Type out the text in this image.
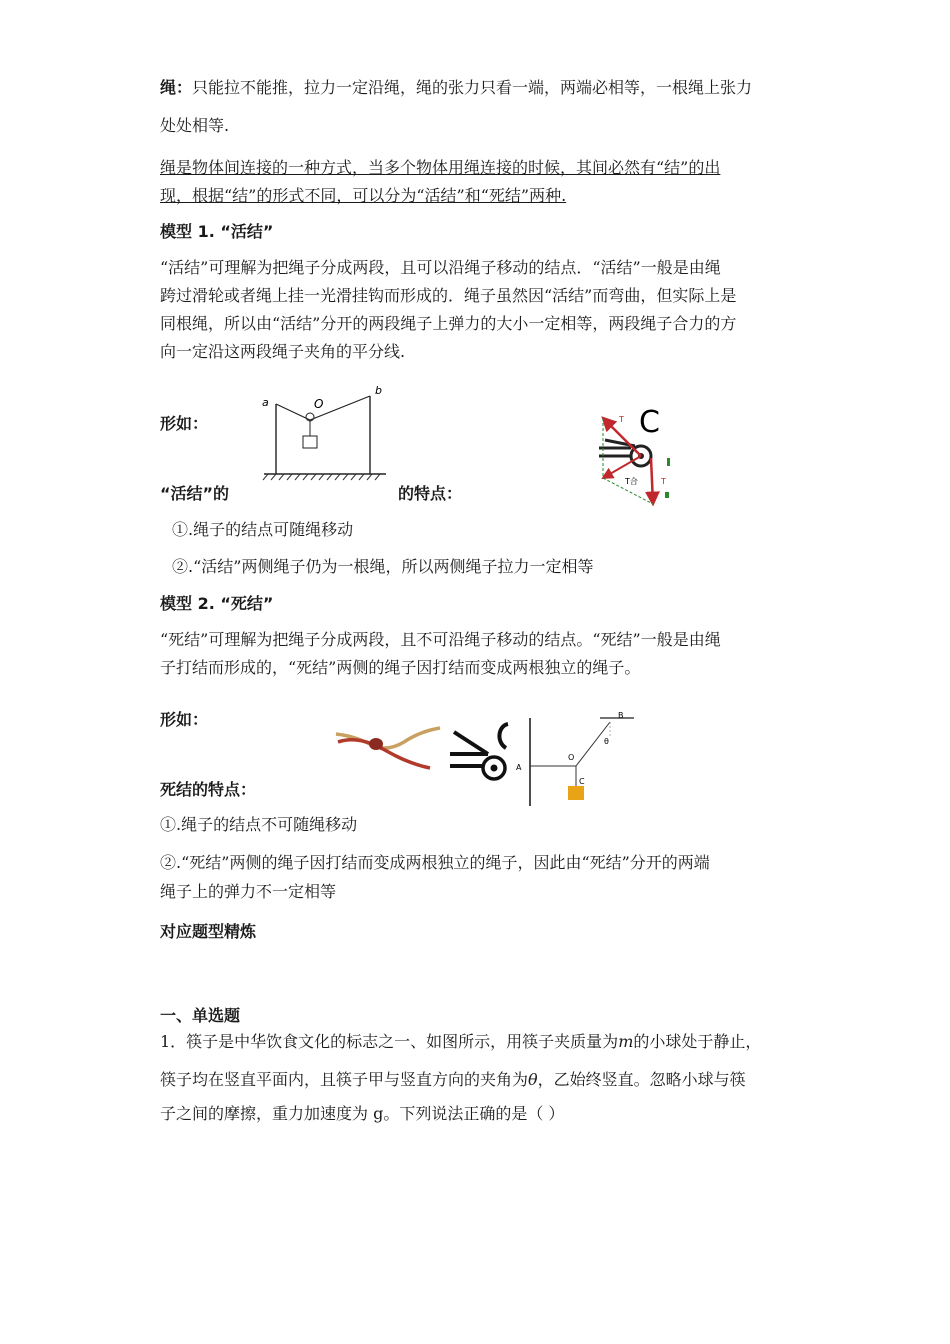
绳：只能拉不能推，拉力一定沿绳，绳的张力只看一端，两端必相等，一根绳上张力
处处相等.
绳是物体间连接的一种方式，当多个物体用绳连接的时候，其间必然有“结”的出
现，根据“结”的形式不同，可以分为“活结”和“死结”两种.
模型 1. “活结”
“活结”可理解为把绳子分成两段，且可以沿绳子移动的结点．“活结”一般是由绳
跨过滑轮或者绳上挂一光滑挂钩而形成的．绳子虽然因“活结”而弯曲，但实际上是
同根绳，所以由“活结”分开的两段绳子上弹力的大小一定相等，两段绳子合力的方
向一定沿这两段绳子夹角的平分线.
形如：
a
b
O
C
T
T
T合
“活结”的	的特点：
①.绳子的结点可随绳移动
②.“活结”两侧绳子仍为一根绳，所以两侧绳子拉力一定相等
模型 2. “死结”
“死结”可理解为把绳子分成两段，且不可沿绳子移动的结点。“死结”一般是由绳
子打结而形成的，“死结”两侧的绳子因打结而变成两根独立的绳子。
形如：
A
B
O
C
θ
死结的特点：
①.绳子的结点不可随绳移动
②.“死结”两侧的绳子因打结而变成两根独立的绳子，因此由“死结”分开的两端
绳子上的弹力不一定相等
对应题型精炼
一、单选题
1．筷子是中华饮食文化的标志之一、如图所示，用筷子夹质量为m的小球处于静止，
筷子均在竖直平面内，且筷子甲与竖直方向的夹角为θ，乙始终竖直。忽略小球与筷
子之间的摩擦，重力加速度为 g。下列说法正确的是（ ）
